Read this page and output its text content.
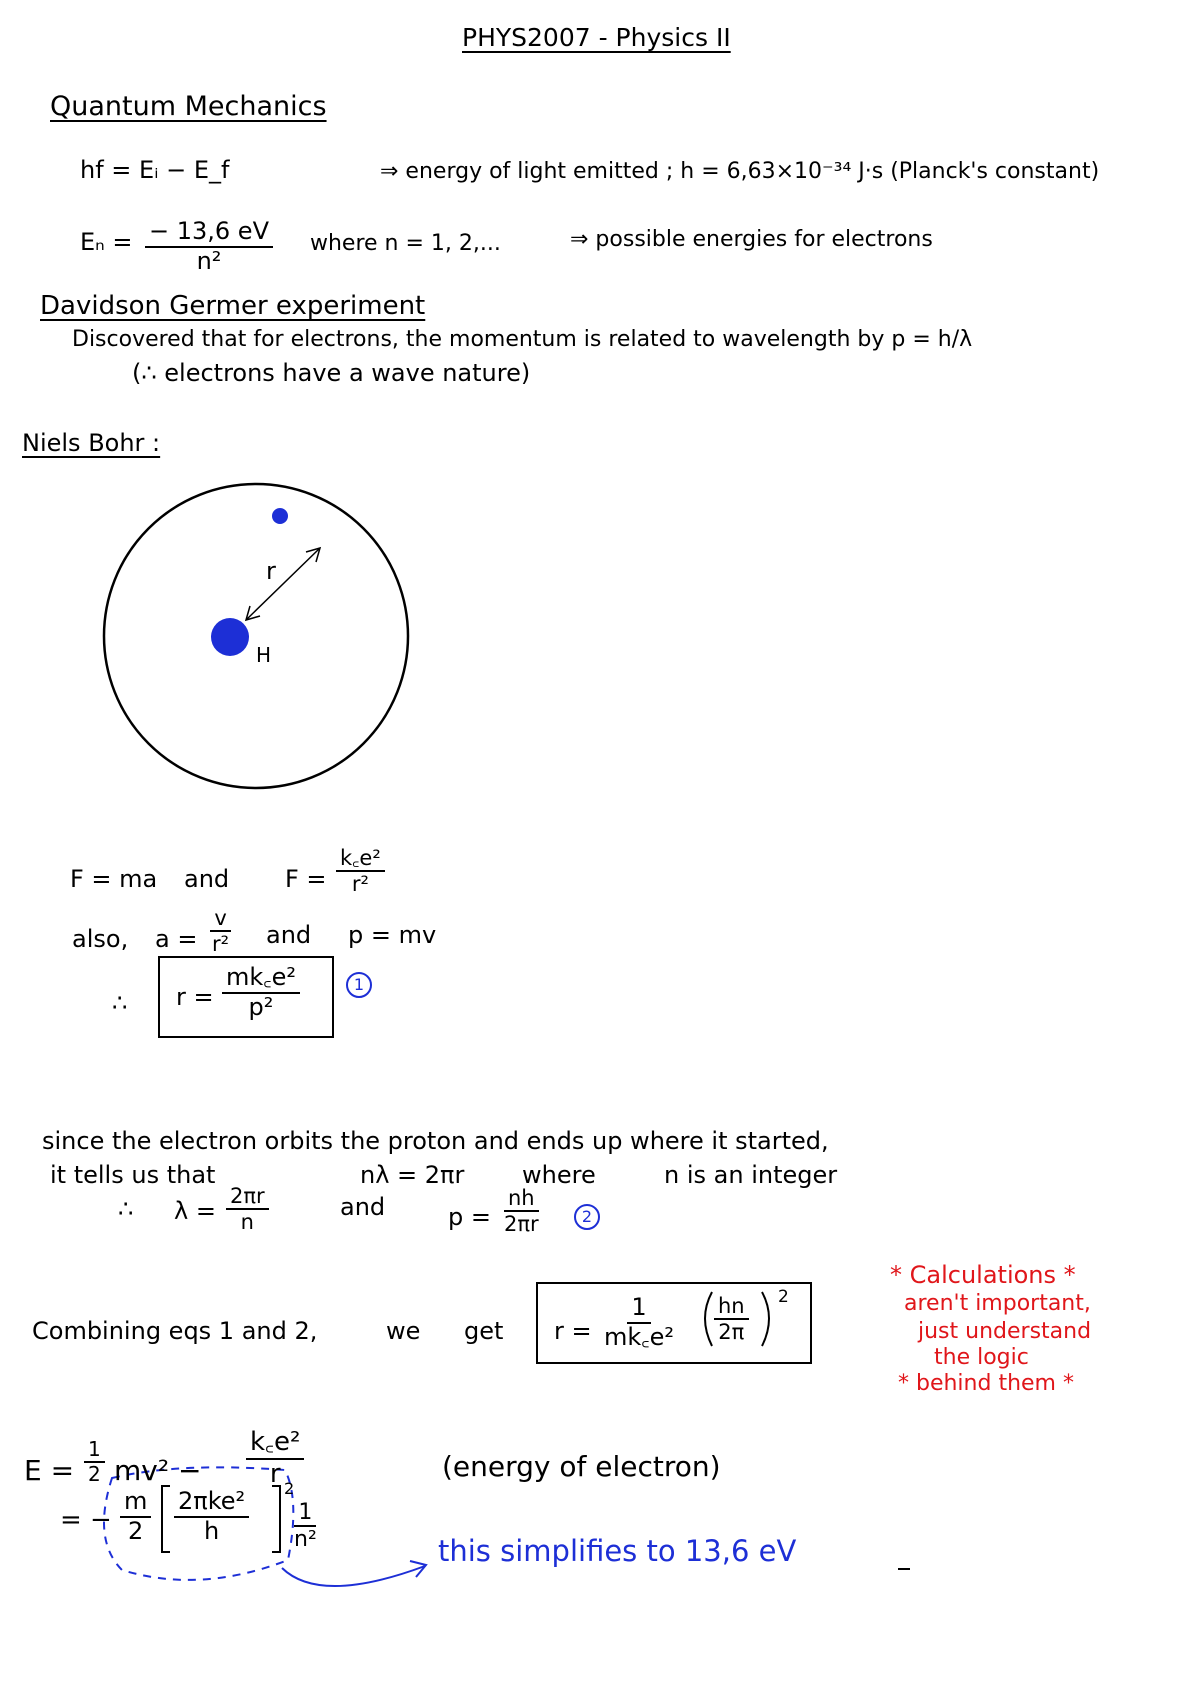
PHYS2007 - Physics II
Quantum Mechanics
hf = Eᵢ − E_f	⇒ energy of light emitted ; h = 6,63×10⁻³⁴ J·s (Planck's constant)
$E_n = \frac{- 13,6 eV}{\text{n²}}$ where n = 1, 2,...	⇒ possible energies for electrons
Davidson Germer experiment
Discovered that for electrons, the momentum is related to wavelength by p = h/λ
(∴ electrons have a wave nature)
Niels Bohr :
r
H
F = ma and $F = \frac{\text{k꜀e²}}{\text{r²}}$
also, $a = \frac{v}{\text{r²}}$ and p = mv
∴ $r = \frac{\text{mk꜀e²}}{\text{p²}}$	1
since the electron orbits the proton and ends up where it started,
it tells us that	nλ = 2πr where	n is an integer
∴ $\lambda = \frac{2\pi r}{n}$	and	$p = \frac{nh}{2\pi r}$	2
Combining eqs 1 and 2,	we get $r = \frac{1}{\text{mk꜀e²}} \frac{hn}{2\pi} 2$
* Calculations *
aren't important,
just understand
the logic
* behind them *
$E = \frac{1}{2} mv^2 - \frac{\text{k꜀e²}}{r}$	(energy of electron)
= − $\frac{m}{2} 2\pi ke^2$
h
2
$\frac{1}{\text{n²}}$	this simplifies to 13,6 eV
